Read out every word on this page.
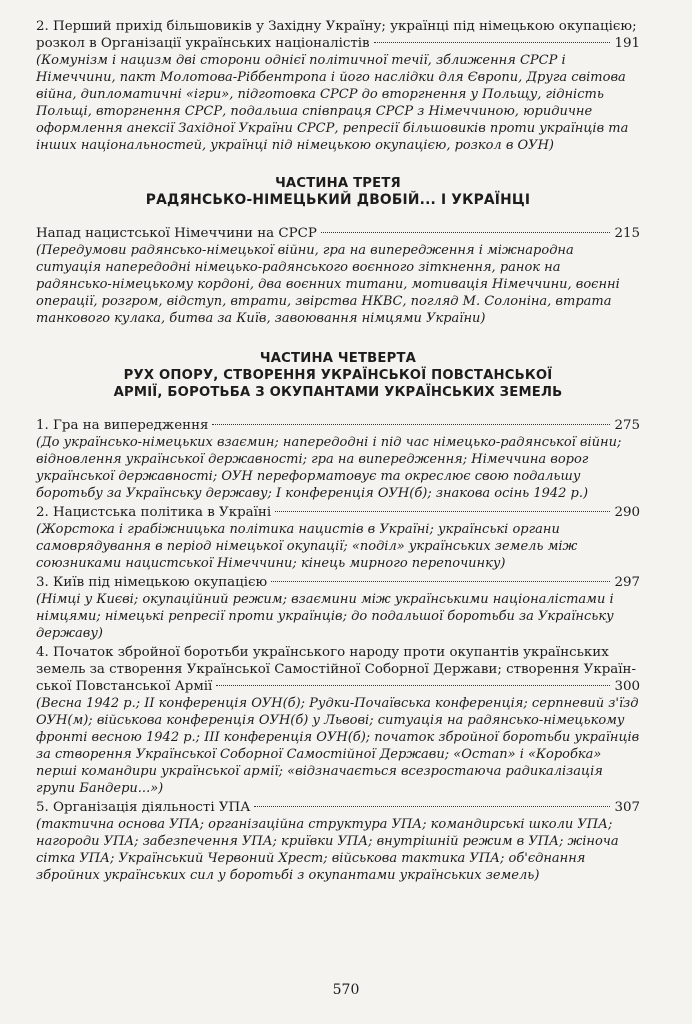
2. Перший прихід більшовиків у Західну Україну; українці під німецькою окупацією;
розкол в Організації українських націоналістів	191
(Комунізм і нацизм дві сторони однієї політичної течії, зближення СРСР і Німеччини, пакт Молотова-Ріббентропа і його наслідки для Європи, Друга світова війна, дипломатичні «ігри», підготовка СРСР до вторгнення у Польщу, гідність Польщі, вторгнення СРСР, подальша співпраця СРСР з Німеччиною, юридичне оформлення анексії Західної України СРСР, репресії більшовиків проти українців та інших національностей, українці під німецькою окупацією, розкол в ОУН)
ЧАСТИНА ТРЕТЯ
РАДЯНСЬКО-НІМЕЦЬКИЙ ДВОБІЙ... І УКРАЇНЦІ
Напад нацистської Німеччини на СРСР	215
(Передумови радянсько-німецької війни, гра на випередження і міжнародна ситуація напередодні німецько-радянського воєнного зіткнення, ранок на радянсько-німецькому кордоні, два воєнних титани, мотивація Німеччини, воєнні операції, розгром, відступ, втрати, звірства НКВС, погляд М. Солоніна, втрата танкового кулака, битва за Київ, завоювання німцями України)
ЧАСТИНА ЧЕТВЕРТА
РУХ ОПОРУ, СТВОРЕННЯ УКРАЇНСЬКОЇ ПОВСТАНСЬКОЇ
АРМІЇ, БОРОТЬБА З ОКУПАНТАМИ УКРАЇНСЬКИХ ЗЕМЕЛЬ
1. Гра на випередження	275
(До українсько-німецьких взаємин; напередодні і під час німецько-радянської війни; відновлення української державності; гра на випередження; Німеччина ворог української державності; ОУН переформатовує та окреслює свою подальшу боротьбу за Українську державу; І конференція ОУН(б); знакова осінь 1942 р.)
2. Нацистська політика в Україні	290
(Жорстока і грабіжницька політика нацистів в Україні; українські органи самоврядування в період німецької окупації; «поділ» українських земель між союзниками нацистської Німеччини; кінець мирного перепочинку)
3. Київ під німецькою окупацією	297
(Німці у Києві; окупаційний режим; взаємини між українськими націоналістами і німцями; німецькі репресії проти українців; до подальшої боротьби за Українську державу)
4. Початок збройної боротьби українського народу проти окупантів українських
земель за створення Української Самостійної Соборної Держави; створення Україн-
ської Повстанської Армії	300
(Весна 1942 р.; ІІ конференція ОУН(б); Рудки-Почаївська конференція; серпневий з'їзд ОУН(м); військова конференція ОУН(б) у Львові; ситуація на радянсько-німецькому фронті весною 1942 р.; ІІІ конференція ОУН(б); початок збройної боротьби українців за створення Української Соборної Самостійної Держави; «Остап» і «Коробка» перші командири української армії; «відзначається всезростаюча радикалізація групи Бандери...»)
5. Організація діяльності УПА	307
(тактична основа УПА; організаційна структура УПА; командирські школи УПА; нагороди УПА; забезпечення УПА; криївки УПА; внутрішній режим в УПА; жіноча сітка УПА; Український Червоний Хрест; військова тактика УПА; об'єднання збройних українських сил у боротьбі з окупантами українських земель)
570
